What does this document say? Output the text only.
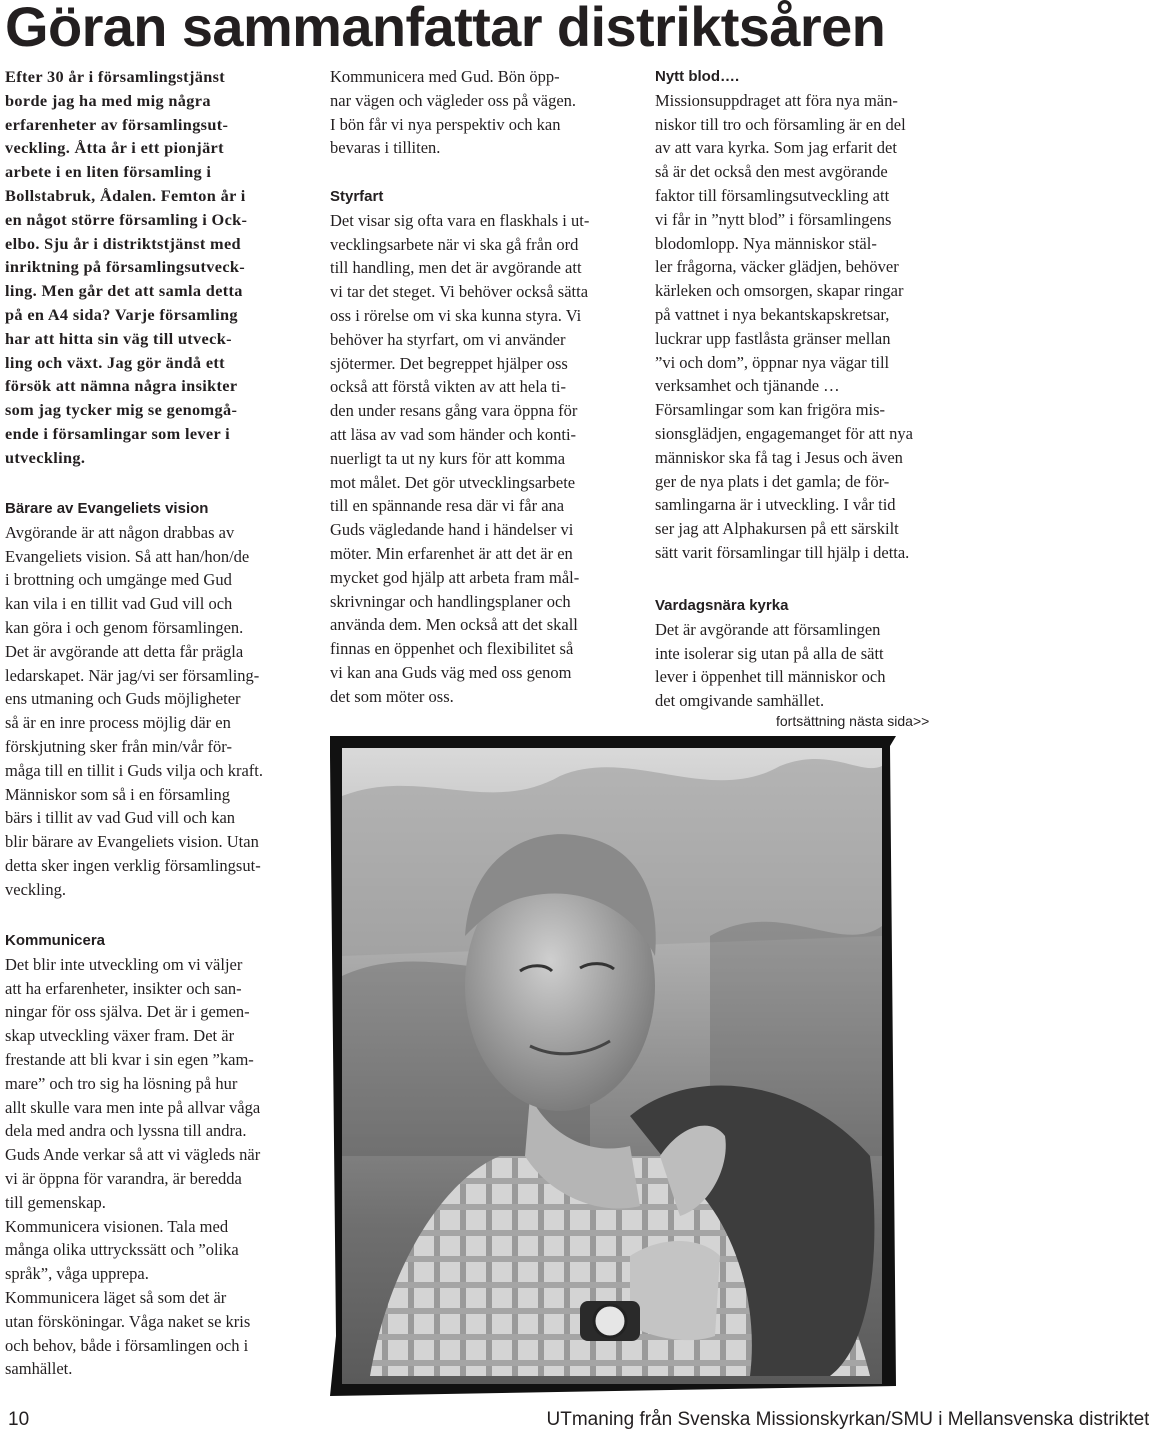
Göran sammanfattar distriktsåren
Efter 30 år i församlingstjänst
borde jag ha med mig några
erfarenheter av församlingsut-
veckling. Åtta år i ett pionjärt
arbete i en liten församling i
Bollstabruk, Ådalen. Femton år i
en något större församling i Ock-
elbo. Sju år i distriktstjänst med
inriktning på församlingsutveck-
ling. Men går det att samla detta
på en A4 sida? Varje församling
har att hitta sin väg till utveck-
ling och växt. Jag gör ändå ett
försök att nämna några insikter
som jag tycker mig se genomgå-
ende i församlingar som lever i
utveckling.
Bärare av Evangeliets vision
Avgörande är att någon drabbas av
Evangeliets vision. Så att han/hon/de
i brottning och umgänge med Gud
kan vila i en tillit vad Gud vill och
kan göra i och genom församlingen.
Det är avgörande att detta får prägla
ledarskapet. När jag/vi ser församling-
ens utmaning och Guds möjligheter
så är en inre process möjlig där en
förskjutning sker från min/vår för-
måga till en tillit i Guds vilja och kraft.
Människor som så i en församling
bärs i tillit av vad Gud vill och kan
blir bärare av Evangeliets vision. Utan
detta sker ingen verklig församlingsut-
veckling.
Kommunicera
Det blir inte utveckling om vi väljer
att ha erfarenheter, insikter och san-
ningar för oss själva. Det är i gemen-
skap utveckling växer fram. Det är
frestande att bli kvar i sin egen ”kam-
mare” och tro sig ha lösning på hur
allt skulle vara men inte på allvar våga
dela med andra och lyssna till andra.
Guds Ande verkar så att vi vägleds när
vi är öppna för varandra, är beredda
till gemenskap.
Kommunicera visionen. Tala med
många olika uttryckssätt och ”olika
språk”, våga upprepa.
Kommunicera läget så som det är
utan försköningar. Våga naket se kris
och behov, både i församlingen och i
samhället.
Kommunicera med Gud. Bön öpp-
nar vägen och vägleder oss på vägen.
I bön får vi nya perspektiv och kan
bevaras i tilliten.
Styrfart
Det visar sig ofta vara en flaskhals i ut-
vecklingsarbete när vi ska gå från ord
till handling, men det är avgörande att
vi tar det steget. Vi behöver också sätta
oss i rörelse om vi ska kunna styra. Vi
behöver ha styrfart, om vi använder
sjötermer. Det begreppet hjälper oss
också att förstå vikten av att hela ti-
den under resans gång vara öppna för
att läsa av vad som händer och konti-
nuerligt ta ut ny kurs för att komma
mot målet. Det gör utvecklingsarbete
till en spännande resa där vi får ana
Guds vägledande hand i händelser vi
möter. Min erfarenhet är att det är en
mycket god hjälp att arbeta fram mål-
skrivningar och handlingsplaner och
använda dem. Men också att det skall
finnas en öppenhet och flexibilitet så
vi kan ana Guds väg med oss genom
det som möter oss.
Nytt blod….
Missionsuppdraget att föra nya män-
niskor till tro och församling är en del
av att vara kyrka. Som jag erfarit det
så är det också den mest avgörande
faktor till församlingsutveckling att
vi får in ”nytt blod” i församlingens
blodomlopp. Nya människor stäl-
ler frågorna, väcker glädjen, behöver
kärleken och omsorgen, skapar ringar
på vattnet i nya bekantskapskretsar,
luckrar upp fastlåsta gränser mellan
”vi och dom”, öppnar nya vägar till
verksamhet och tjänande …
Församlingar som kan frigöra mis-
sionsglädjen, engagemanget för att nya
människor ska få tag i Jesus och även
ger de nya plats i det gamla; de för-
samlingarna är i utveckling. I vår tid
ser jag att Alphakursen på ett särskilt
sätt varit församlingar till hjälp i detta.
Vardagsnära kyrka
Det är avgörande att församlingen
inte isolerar sig utan på alla de sätt
lever i öppenhet till människor och
det omgivande samhället.
fortsättning nästa sida>>
10	UTmaning från Svenska Missionskyrkan/SMU i Mellansvenska distriktet
